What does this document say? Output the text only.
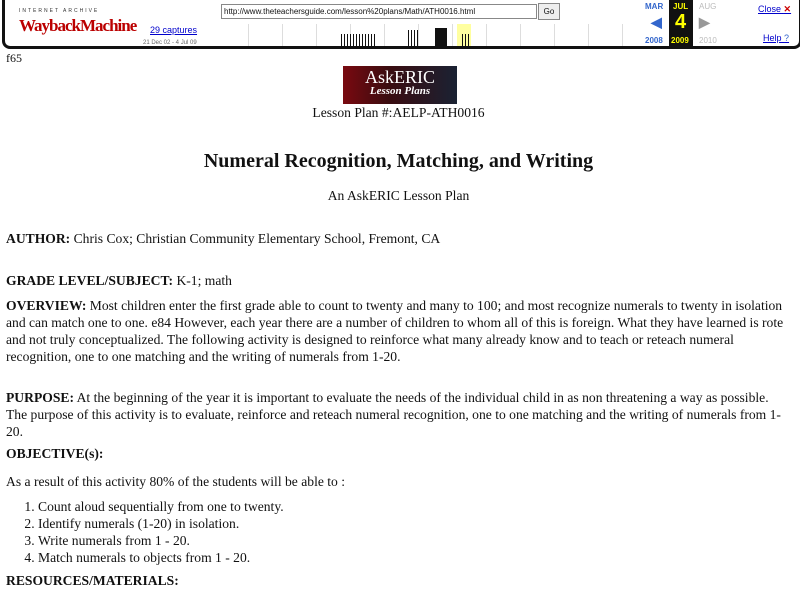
INTERNET ARCHIVE
WaybackMachine
http://www.theteachersguide.com/lesson%20plans/Math/ATH0016.html	Go
29 captures
21 Dec 02 - 4 Jul 09
MAR
◀
2008
JUL
4
2009
AUG
▶
2010
Close ✕
Help ?
f65
AskERIC
Lesson Plans
Lesson Plan #:AELP-ATH0016
Numeral Recognition, Matching, and Writing
An AskERIC Lesson Plan
AUTHOR: Chris Cox; Christian Community Elementary School, Fremont, CA
GRADE LEVEL/SUBJECT: K-1; math
OVERVIEW: Most children enter the first grade able to count to twenty and many to 100; and most recognize numerals to twenty in isolation and can match one to one. e84 However, each year there are a number of children to whom all of this is foreign. What they have learned is rote and not truly conceptualized. The following activity is designed to reinforce what many already know and to teach or reteach numeral recognition, one to one matching and the writing of numerals from 1-20.
PURPOSE: At the beginning of the year it is important to evaluate the needs of the individual child in as non threatening a way as possible. The purpose of this activity is to evaluate, reinforce and reteach numeral recognition, one to one matching and the writing of numerals from 1-20.
OBJECTIVE(s):
As a result of this activity 80% of the students will be able to :
1. Count aloud sequentially from one to twenty.
2. Identify numerals (1-20) in isolation.
3. Write numerals from 1 - 20.
4. Match numerals to objects from 1 - 20.
RESOURCES/MATERIALS:
